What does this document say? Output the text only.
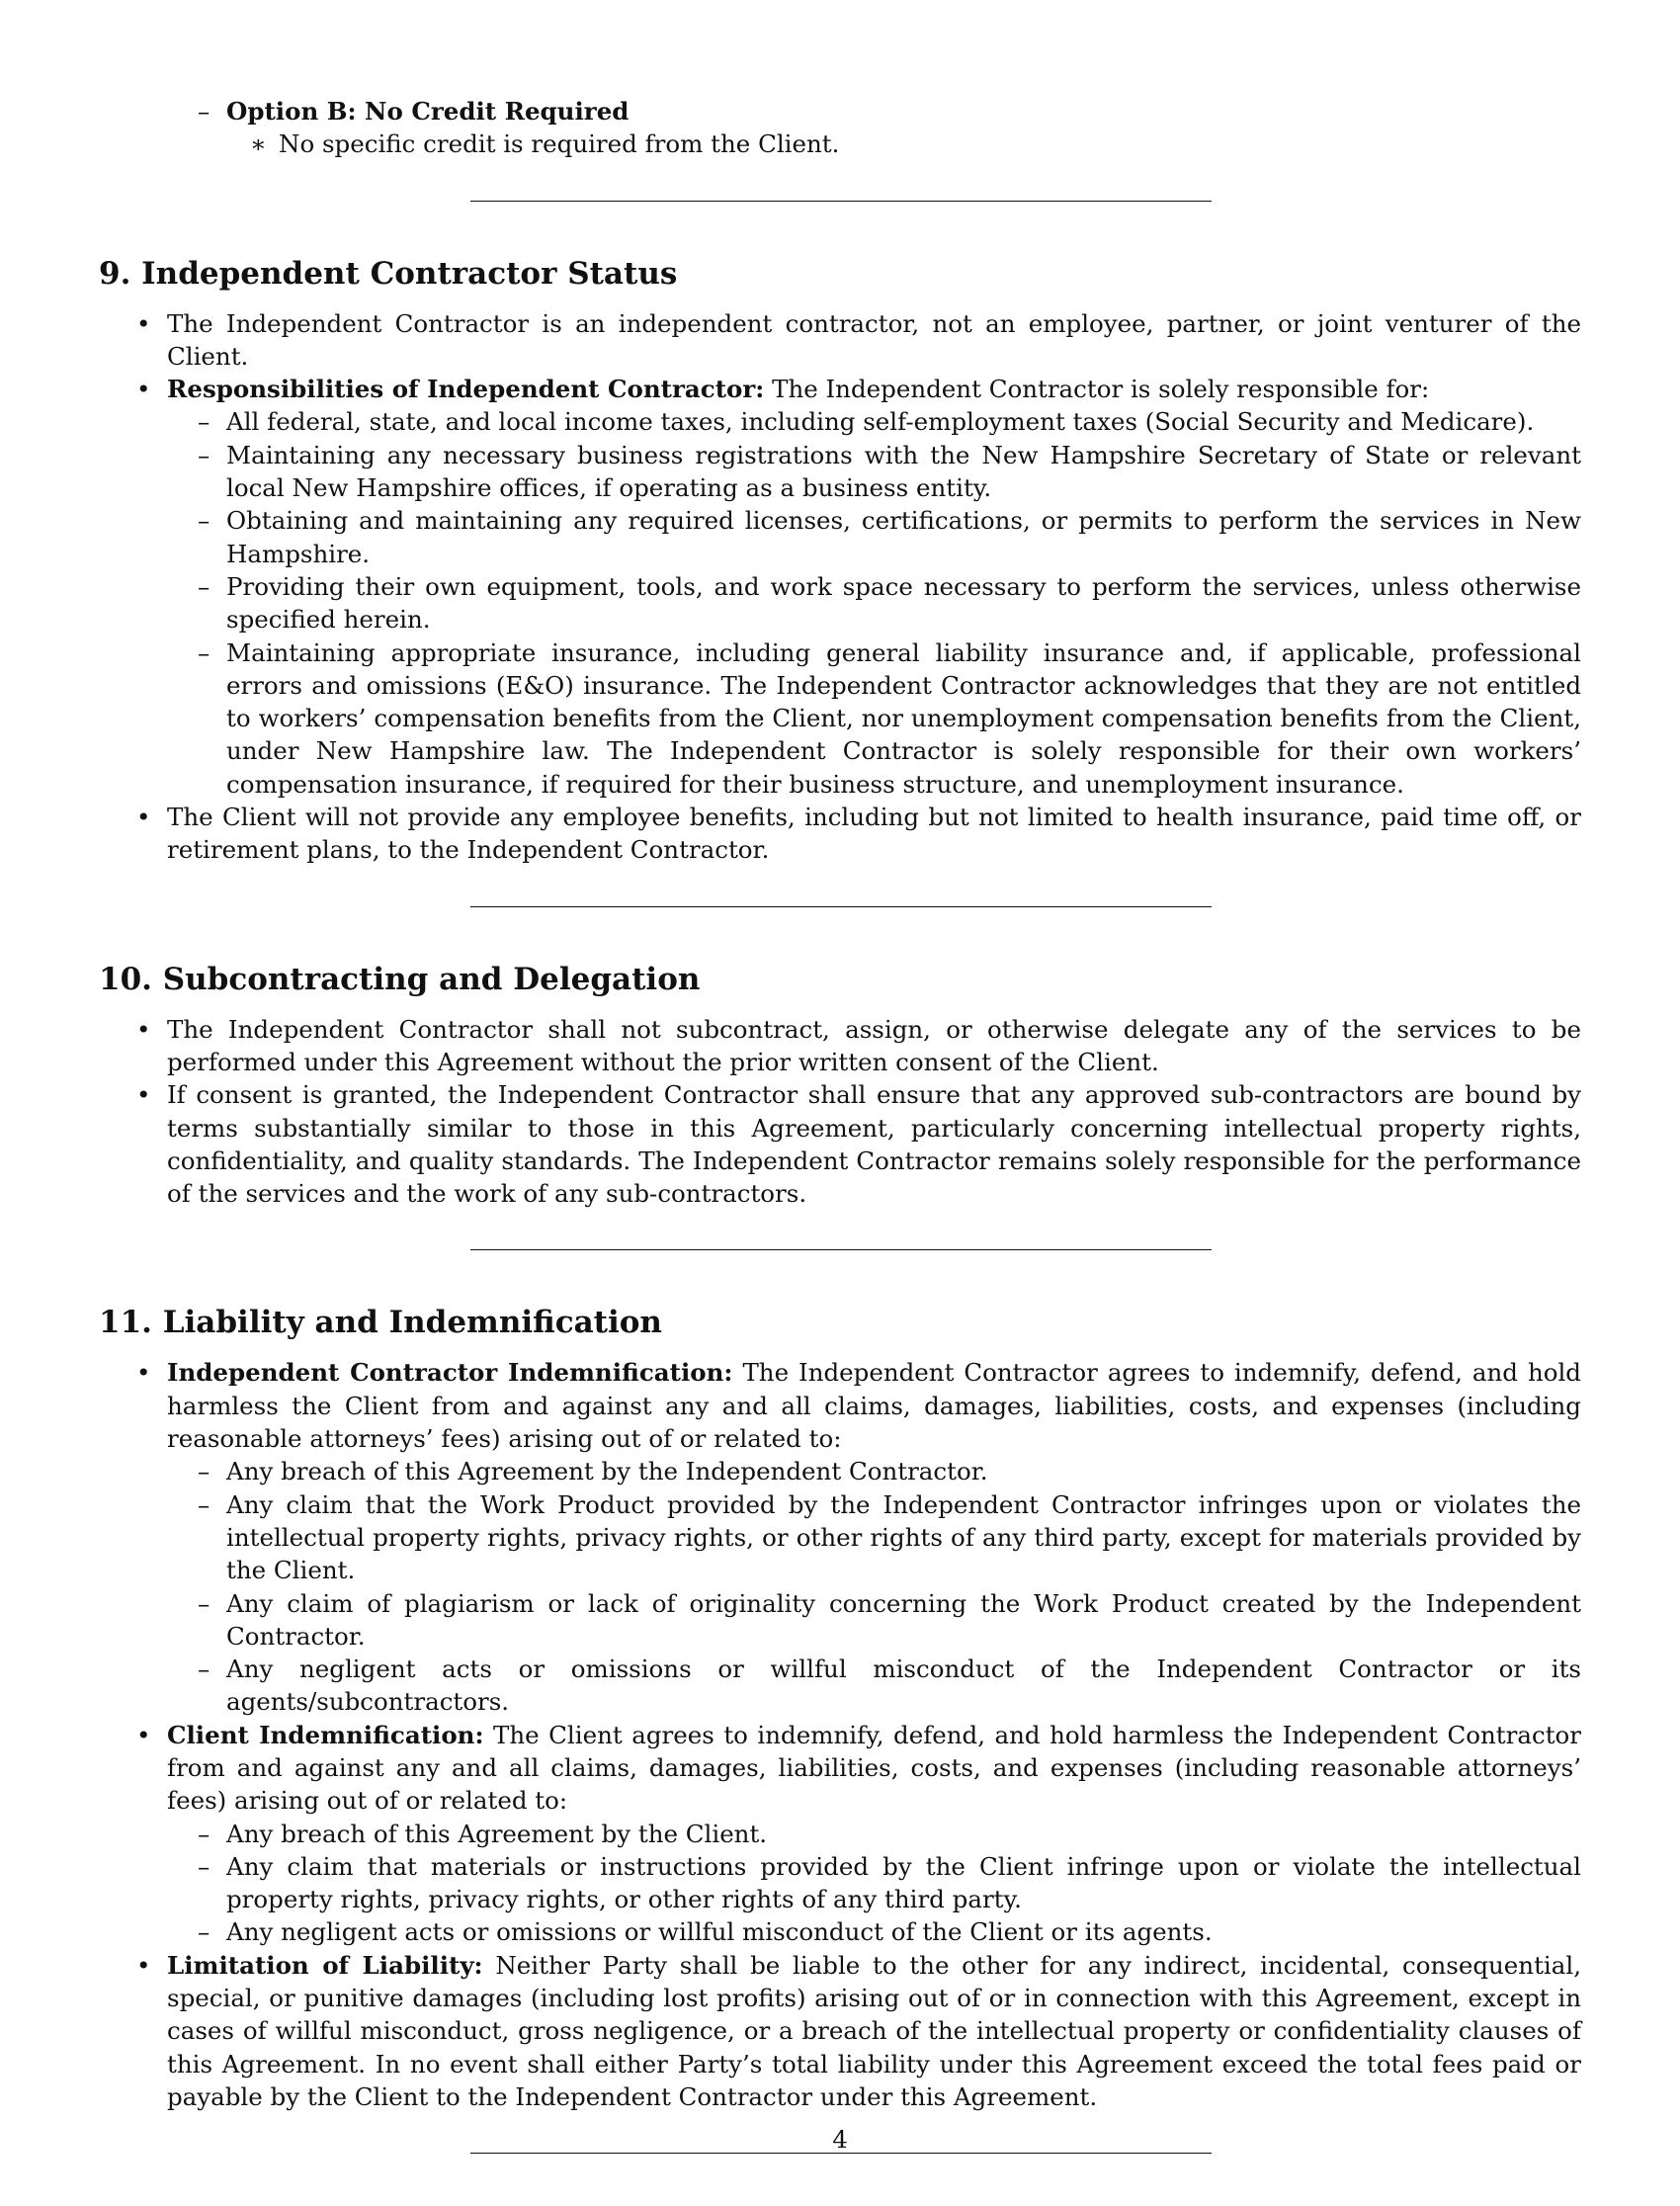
– Option B: No Credit Required
∗ No specific credit is required from the Client.
9. Independent Contractor Status
• The Independent Contractor is an independent contractor, not an employee, partner, or joint venturer of the Client.
• Responsibilities of Independent Contractor: The Independent Contractor is solely responsible for:
– All federal, state, and local income taxes, including self-employment taxes (Social Security and Medicare).
– Maintaining any necessary business registrations with the New Hampshire Secretary of State or relevant local New Hampshire offices, if operating as a business entity.
– Obtaining and maintaining any required licenses, certifications, or permits to perform the services in New Hampshire.
– Providing their own equipment, tools, and work space necessary to perform the services, unless otherwise specified herein.
– Maintaining appropriate insurance, including general liability insurance and, if applicable, professional errors and omissions (E&O) insurance. The Independent Contractor acknowledges that they are not entitled to workers’ compensation benefits from the Client, nor unemployment compensation benefits from the Client, under New Hampshire law. The Independent Contractor is solely responsible for their own workers’ compensation insurance, if required for their business structure, and unemployment insurance.
• The Client will not provide any employee benefits, including but not limited to health insurance, paid time off, or retirement plans, to the Independent Contractor.
10. Subcontracting and Delegation
• The Independent Contractor shall not subcontract, assign, or otherwise delegate any of the services to be performed under this Agreement without the prior written consent of the Client.
• If consent is granted, the Independent Contractor shall ensure that any approved sub-contractors are bound by terms substantially similar to those in this Agreement, particularly concerning intellectual property rights, confidentiality, and quality standards. The Independent Contractor remains solely responsible for the performance of the services and the work of any sub-contractors.
11. Liability and Indemnification
• Independent Contractor Indemnification: The Independent Contractor agrees to indemnify, defend, and hold harmless the Client from and against any and all claims, damages, liabilities, costs, and expenses (including reasonable attorneys’ fees) arising out of or related to:
– Any breach of this Agreement by the Independent Contractor.
– Any claim that the Work Product provided by the Independent Contractor infringes upon or violates the intellectual property rights, privacy rights, or other rights of any third party, except for materials provided by the Client.
– Any claim of plagiarism or lack of originality concerning the Work Product created by the Independent Contractor.
– Any negligent acts or omissions or willful misconduct of the Independent Contractor or its agents/subcontractors.
• Client Indemnification: The Client agrees to indemnify, defend, and hold harmless the Independent Contractor from and against any and all claims, damages, liabilities, costs, and expenses (including reasonable attorneys’ fees) arising out of or related to:
– Any breach of this Agreement by the Client.
– Any claim that materials or instructions provided by the Client infringe upon or violate the intellectual property rights, privacy rights, or other rights of any third party.
– Any negligent acts or omissions or willful misconduct of the Client or its agents.
• Limitation of Liability: Neither Party shall be liable to the other for any indirect, incidental, consequential, special, or punitive damages (including lost profits) arising out of or in connection with this Agreement, except in cases of willful misconduct, gross negligence, or a breach of the intellectual property or confidentiality clauses of this Agreement. In no event shall either Party’s total liability under this Agreement exceed the total fees paid or payable by the Client to the Independent Contractor under this Agreement.
4
